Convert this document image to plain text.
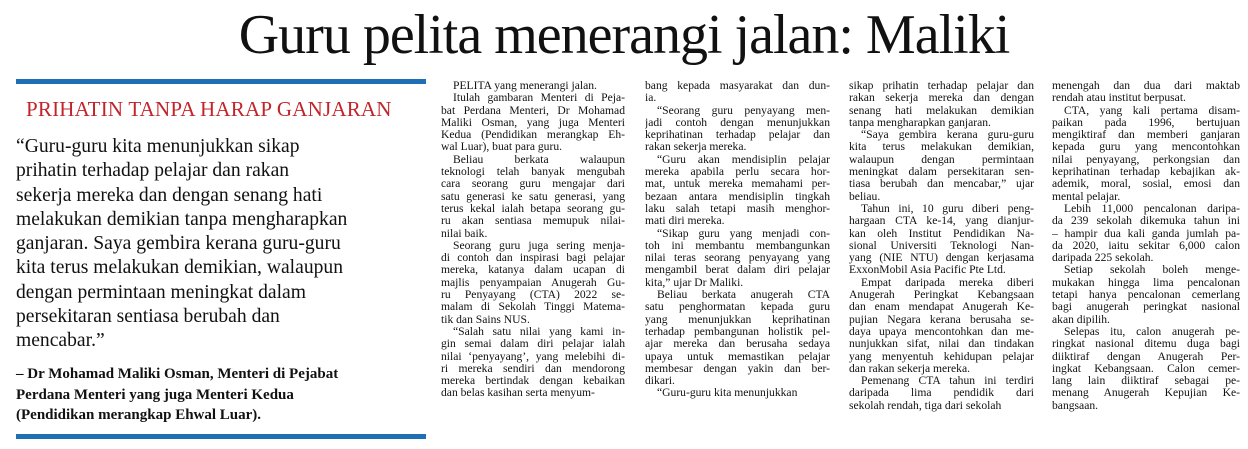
Guru pelita menerangi jalan: Maliki
PRIHATIN TANPA HARAP GANJARAN
“Guru-guru kita menunjukkan sikap
prihatin terhadap pelajar dan rakan
sekerja mereka dan dengan senang hati
melakukan demikian tanpa mengharapkan
ganjaran. Saya gembira kerana guru-guru
kita terus melakukan demikian, walaupun
dengan permintaan meningkat dalam
persekitaran sentiasa berubah dan
mencabar.”
– Dr Mohamad Maliki Osman, Menteri di Pejabat
Perdana Menteri yang juga Menteri Kedua
(Pendidikan merangkap Ehwal Luar).
PELITA yang menerangi jalan.
Itulah gambaran Menteri di Peja-
bat Perdana Menteri, Dr Mohamad
Maliki Osman, yang juga Menteri
Kedua (Pendidikan merangkap Eh-
wal Luar), buat para guru.
Beliau berkata walaupun
teknologi telah banyak mengubah
cara seorang guru mengajar dari
satu generasi ke satu generasi, yang
terus kekal ialah betapa seorang gu-
ru akan sentiasa memupuk nilai-
nilai baik.
Seorang guru juga sering menja-
di contoh dan inspirasi bagi pelajar
mereka, katanya dalam ucapan di
majlis penyampaian Anugerah Gu-
ru Penyayang (CTA) 2022 se-
malam di Sekolah Tinggi Matema-
tik dan Sains NUS.
“Salah satu nilai yang kami in-
gin semai dalam diri pelajar ialah
nilai ‘penyayang’, yang melebihi di-
ri mereka sendiri dan mendorong
mereka bertindak dengan kebaikan
dan belas kasihan serta menyum-
bang kepada masyarakat dan dun-
ia.
“Seorang guru penyayang men-
jadi contoh dengan menunjukkan
keprihatinan terhadap pelajar dan
rakan sekerja mereka.
“Guru akan mendisiplin pelajar
mereka apabila perlu secara hor-
mat, untuk mereka memahami per-
bezaan antara mendisiplin tingkah
laku salah tetapi masih menghor-
mati diri mereka.
“Sikap guru yang menjadi con-
toh ini membantu membangunkan
nilai teras seorang penyayang yang
mengambil berat dalam diri pelajar
kita,” ujar Dr Maliki.
Beliau berkata anugerah CTA
satu penghormatan kepada guru
yang menunjukkan keprihatinan
terhadap pembangunan holistik pel-
ajar mereka dan berusaha sedaya
upaya untuk memastikan pelajar
membesar dengan yakin dan ber-
dikari.
“Guru-guru kita menunjukkan
sikap prihatin terhadap pelajar dan
rakan sekerja mereka dan dengan
senang hati melakukan demikian
tanpa mengharapkan ganjaran.
“Saya gembira kerana guru-guru
kita terus melakukan demikian,
walaupun dengan permintaan
meningkat dalam persekitaran sen-
tiasa berubah dan mencabar,” ujar
beliau.
Tahun ini, 10 guru diberi peng-
hargaan CTA ke-14, yang dianjur-
kan oleh Institut Pendidikan Na-
sional Universiti Teknologi Nan-
yang (NIE NTU) dengan kerjasama
ExxonMobil Asia Pacific Pte Ltd.
Empat daripada mereka diberi
Anugerah Peringkat Kebangsaan
dan enam mendapat Anugerah Ke-
pujian Negara kerana berusaha se-
daya upaya mencontohkan dan me-
nunjukkan sifat, nilai dan tindakan
yang menyentuh kehidupan pelajar
dan rakan sekerja mereka.
Pemenang CTA tahun ini terdiri
daripada lima pendidik dari
sekolah rendah, tiga dari sekolah
menengah dan dua dari maktab
rendah atau institut berpusat.
CTA, yang kali pertama disam-
paikan pada 1996, bertujuan
mengiktiraf dan memberi ganjaran
kepada guru yang mencontohkan
nilai penyayang, perkongsian dan
keprihatinan terhadap kebajikan ak-
ademik, moral, sosial, emosi dan
mental pelajar.
Lebih 11,000 pencalonan daripa-
da 239 sekolah dikemuka tahun ini
– hampir dua kali ganda jumlah pa-
da 2020, iaitu sekitar 6,000 calon
daripada 225 sekolah.
Setiap sekolah boleh menge-
mukakan hingga lima pencalonan
tetapi hanya pencalonan cemerlang
bagi anugerah peringkat nasional
akan dipilih.
Selepas itu, calon anugerah pe-
ringkat nasional ditemu duga bagi
diiktiraf dengan Anugerah Per-
ingkat Kebangsaan. Calon cemer-
lang lain diiktiraf sebagai pe-
menang Anugerah Kepujian Ke-
bangsaan.
